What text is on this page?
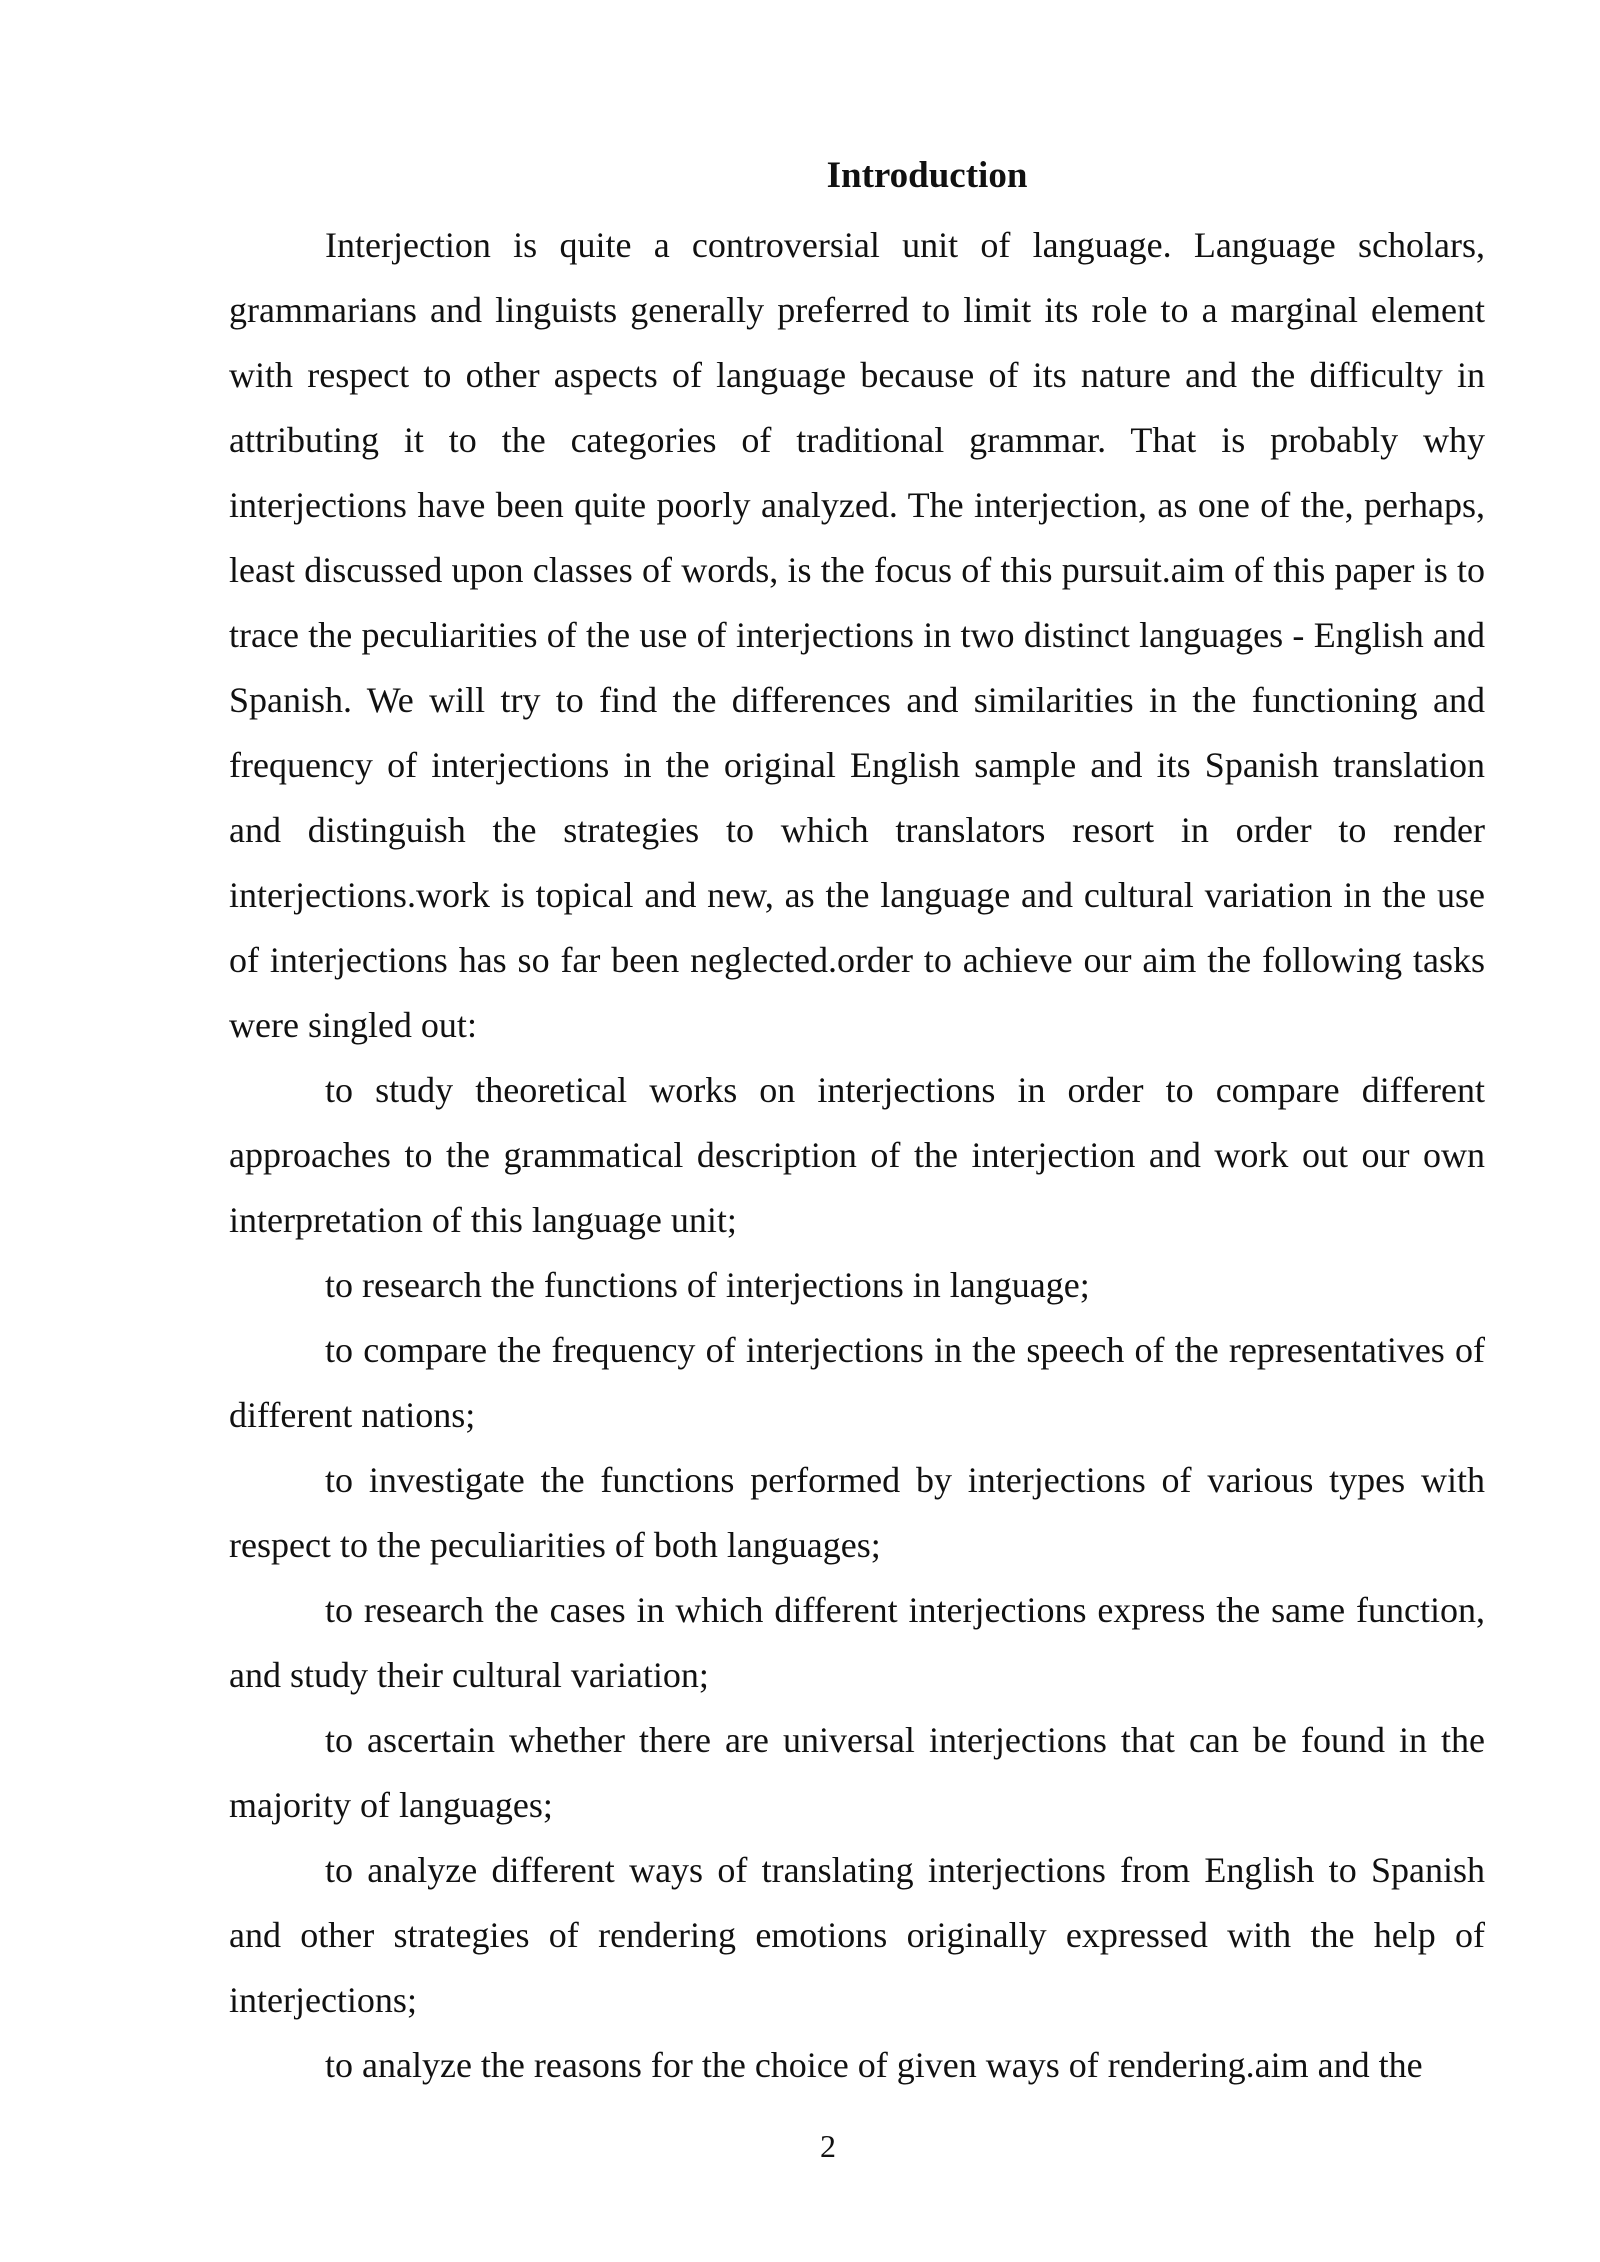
Introduction

Interjection is quite a controversial unit of language. Language scholars, grammarians and linguists generally preferred to limit its role to a marginal element with respect to other aspects of language because of its nature and the difficulty in attributing it to the categories of traditional grammar. That is probably why interjections have been quite poorly analyzed. The interjection, as one of the, perhaps, least discussed upon classes of words, is the focus of this pursuit.aim of this paper is to trace the peculiarities of the use of interjections in two distinct languages - English and Spanish. We will try to find the differences and similarities in the functioning and frequency of interjections in the original English sample and its Spanish translation and distinguish the strategies to which translators resort in order to render interjections.work is topical and new, as the language and cultural variation in the use of interjections has so far been neglected.order to achieve our aim the following tasks were singled out:

to study theoretical works on interjections in order to compare different approaches to the grammatical description of the interjection and work out our own interpretation of this language unit;

to research the functions of interjections in language;

to compare the frequency of interjections in the speech of the representatives of different nations;

to investigate the functions performed by interjections of various types with respect to the peculiarities of both languages;

to research the cases in which different interjections express the same function, and study their cultural variation;

to ascertain whether there are universal interjections that can be found in the majority of languages;

to analyze different ways of translating interjections from English to Spanish and other strategies of rendering emotions originally expressed with the help of interjections;

to analyze the reasons for the choice of given ways of rendering.aim and the

2
